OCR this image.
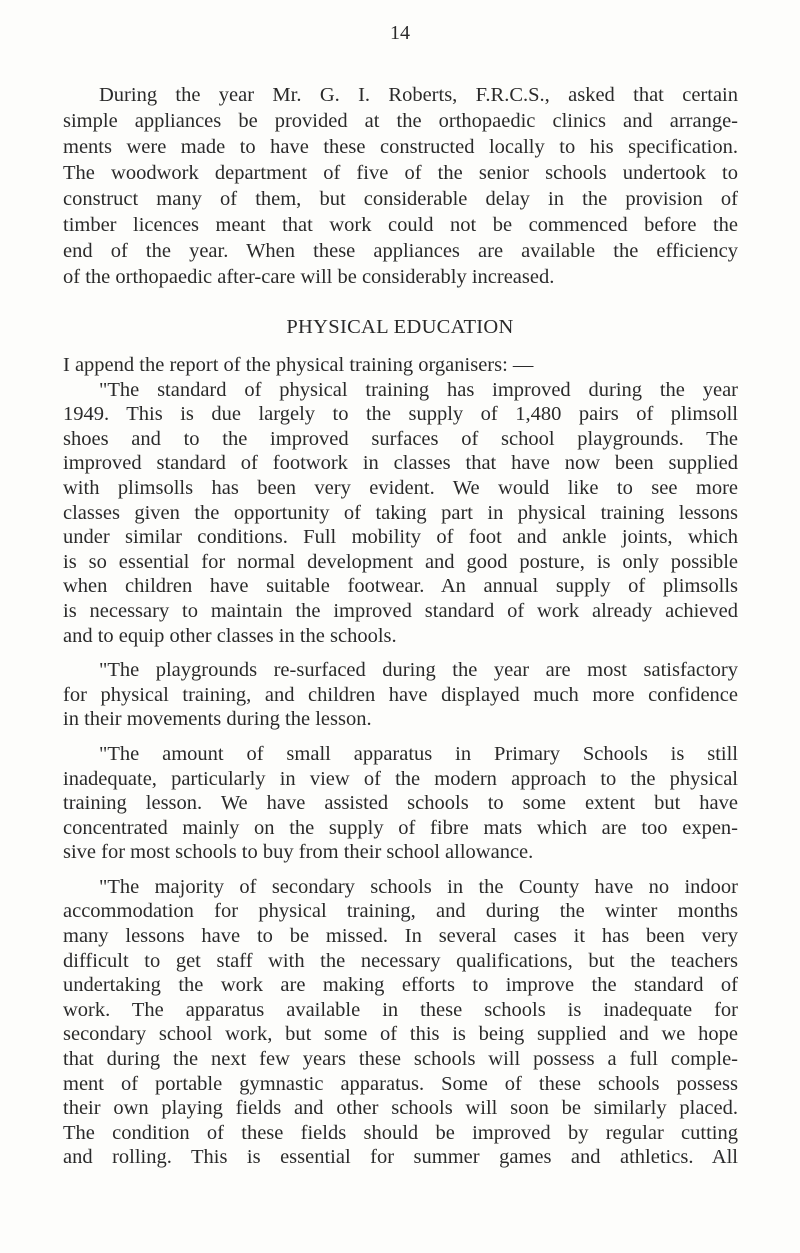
14
During the year Mr. G. I. Roberts, F.R.C.S., asked that certain
simple appliances be provided at the orthopaedic clinics and arrange-
ments were made to have these constructed locally to his specification.
The woodwork department of five of the senior schools undertook to
construct many of them, but considerable delay in the provision of
timber licences meant that work could not be commenced before the
end of the year. When these appliances are available the efficiency
of the orthopaedic after-care will be considerably increased.
PHYSICAL EDUCATION
I append the report of the physical training organisers: —
"The standard of physical training has improved during the year
1949. This is due largely to the supply of 1,480 pairs of plimsoll
shoes and to the improved surfaces of school playgrounds. The
improved standard of footwork in classes that have now been supplied
with plimsolls has been very evident. We would like to see more
classes given the opportunity of taking part in physical training lessons
under similar conditions. Full mobility of foot and ankle joints, which
is so essential for normal development and good posture, is only possible
when children have suitable footwear. An annual supply of plimsolls
is necessary to maintain the improved standard of work already achieved
and to equip other classes in the schools.
"The playgrounds re-surfaced during the year are most satisfactory
for physical training, and children have displayed much more confidence
in their movements during the lesson.
"The amount of small apparatus in Primary Schools is still
inadequate, particularly in view of the modern approach to the physical
training lesson. We have assisted schools to some extent but have
concentrated mainly on the supply of fibre mats which are too expen-
sive for most schools to buy from their school allowance.
"The majority of secondary schools in the County have no indoor
accommodation for physical training, and during the winter months
many lessons have to be missed. In several cases it has been very
difficult to get staff with the necessary qualifications, but the teachers
undertaking the work are making efforts to improve the standard of
work. The apparatus available in these schools is inadequate for
secondary school work, but some of this is being supplied and we hope
that during the next few years these schools will possess a full comple-
ment of portable gymnastic apparatus. Some of these schools possess
their own playing fields and other schools will soon be similarly placed.
The condition of these fields should be improved by regular cutting
and rolling. This is essential for summer games and athletics. All
